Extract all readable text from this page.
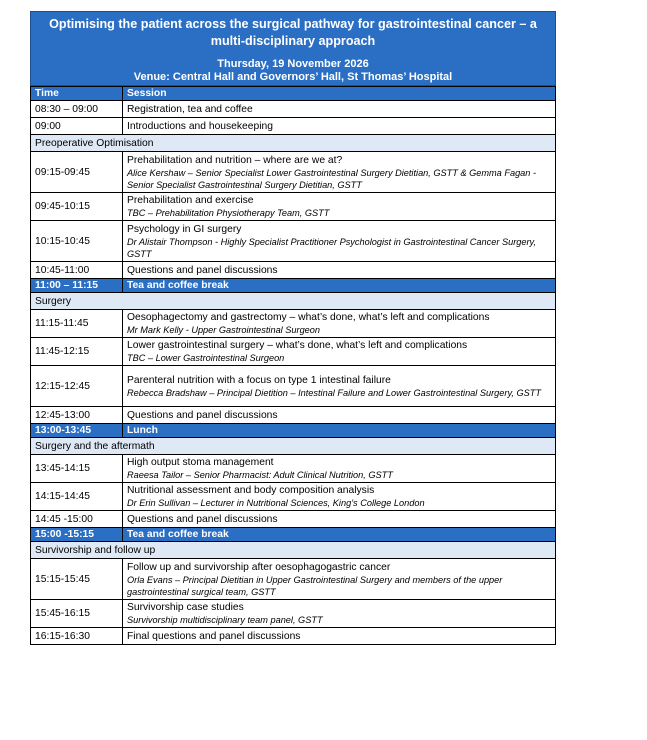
Optimising the patient across the surgical pathway for gastrointestinal cancer – a multi-disciplinary approach
Thursday, 19 November 2026
Venue: Central Hall and Governors’ Hall, St Thomas’ Hospital
Time	Session
08:30 – 09:00	Registration, tea and coffee

09:00	Introductions and housekeeping

Preoperative Optimisation	
09:15-09:45	Prehabilitation and nutrition – where are we at?
Alice Kershaw – Senior Specialist Lower Gastrointestinal Surgery Dietitian, GSTT & Gemma Fagan - Senior Specialist Gastrointestinal Surgery Dietitian, GSTT

09:45-10:15	Prehabilitation and exercise
TBC – Prehabilitation Physiotherapy Team, GSTT

10:15-10:45	Psychology in GI surgery
Dr Alistair Thompson - Highly Specialist Practitioner Psychologist in Gastrointestinal Cancer Surgery, GSTT

10:45-11:00	Questions and panel discussions

11:00 – 11:15	Tea and coffee break
Surgery	
11:15-11:45	Oesophagectomy and gastrectomy – what’s done, what’s left and complications
Mr Mark Kelly - Upper Gastrointestinal Surgeon

11:45-12:15	Lower gastrointestinal surgery – what’s done, what’s left and complications
TBC – Lower Gastrointestinal Surgeon

12:15-12:45	Parenteral nutrition with a focus on type 1 intestinal failure
Rebecca Bradshaw – Principal Dietition – Intestinal Failure and Lower Gastrointestinal Surgery, GSTT

12:45-13:00	Questions and panel discussions

13:00-13:45	Lunch
Surgery and the aftermath	
13:45-14:15	High output stoma management
Raeesa Tailor – Senior Pharmacist: Adult Clinical Nutrition, GSTT

14:15-14:45	Nutritional assessment and body composition analysis
Dr Erin Sullivan – Lecturer in Nutritional Sciences, King’s College London

14:45 -15:00	Questions and panel discussions

15:00 -15:15	Tea and coffee break
Survivorship and follow up	
15:15-15:45	Follow up and survivorship after oesophagogastric cancer
Orla Evans – Principal Dietitian in Upper Gastrointestinal Surgery and members of the upper gastrointestinal surgical team, GSTT

15:45-16:15	Survivorship case studies
Survivorship multidisciplinary team panel, GSTT

16:15-16:30	Final questions and panel discussions
